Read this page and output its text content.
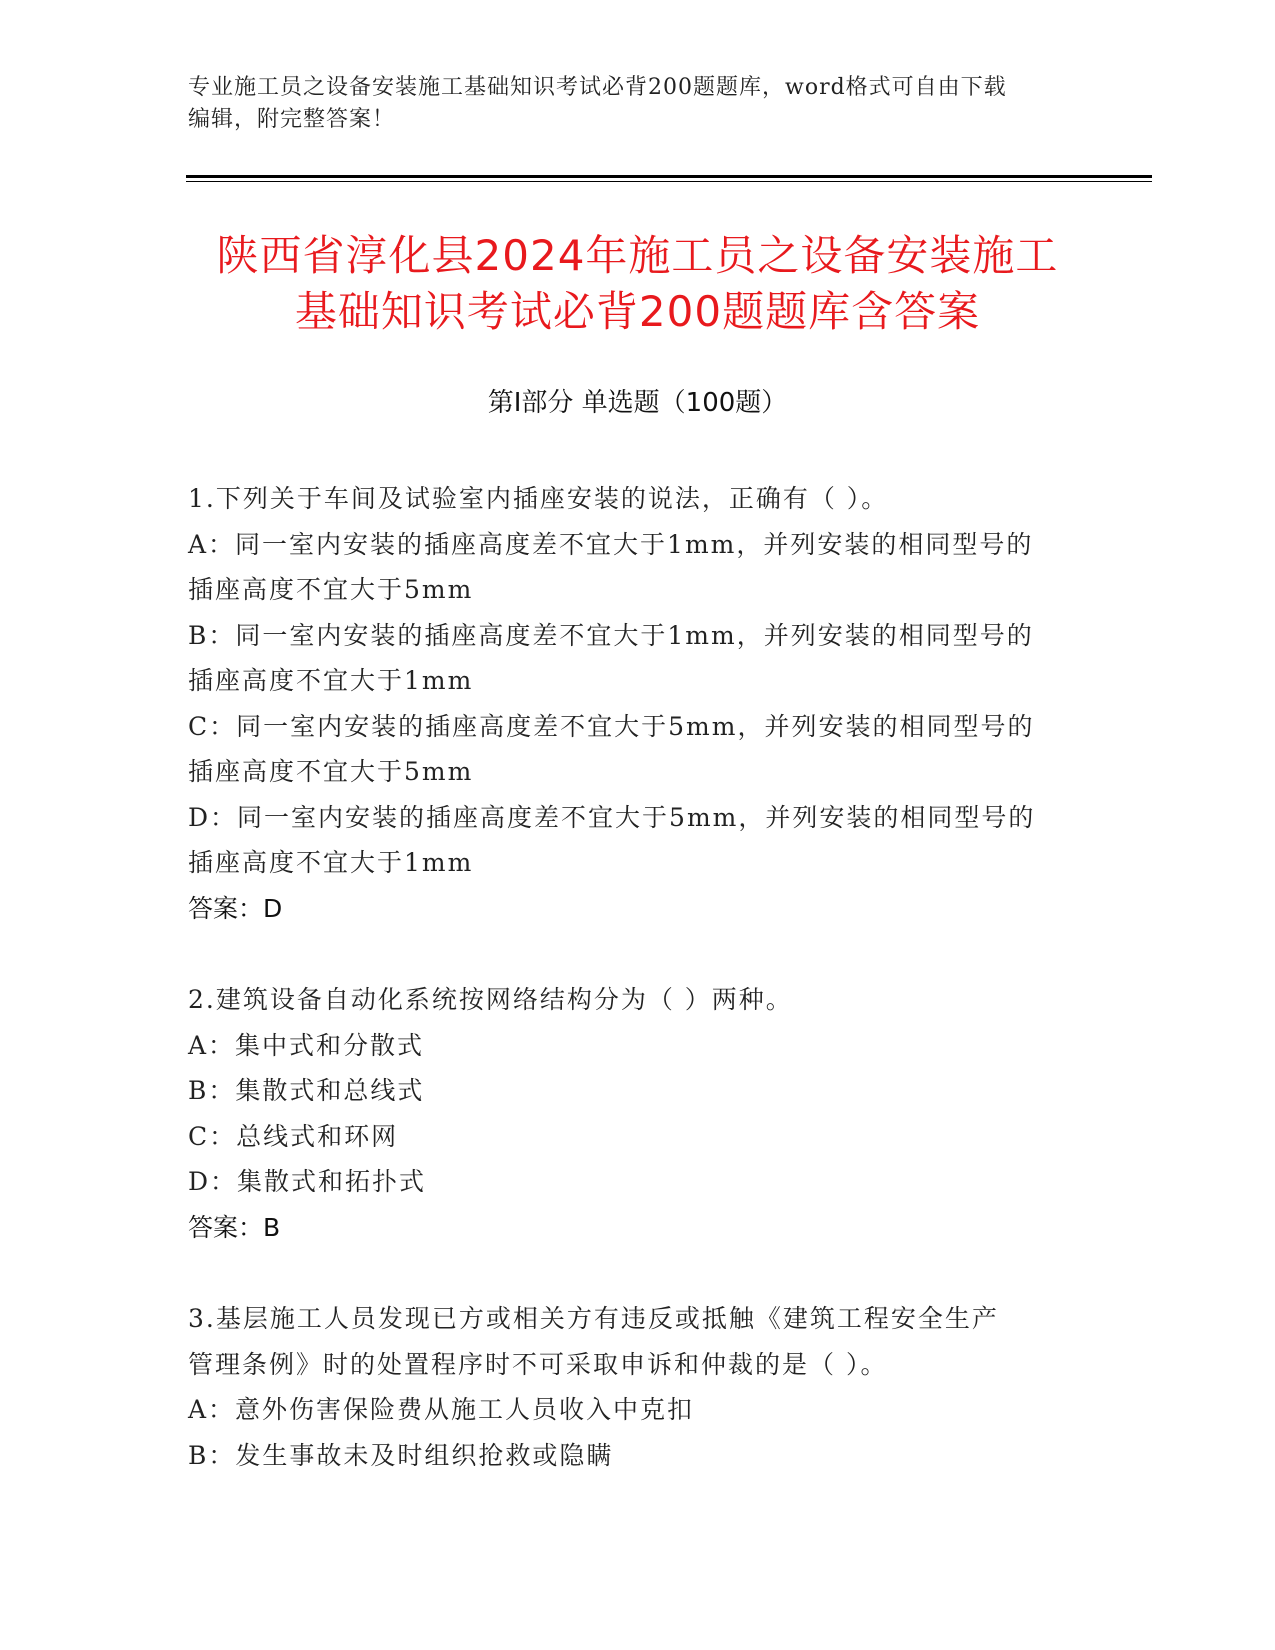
专业施工员之设备安装施工基础知识考试必背200题题库，word格式可自由下载
编辑，附完整答案！
陕西省淳化县2024年施工员之设备安装施工
基础知识考试必背200题题库含答案
第Ⅰ部分 单选题（100题）
1.下列关于车间及试验室内插座安装的说法，正确有（ ）。
A：同一室内安装的插座高度差不宜大于1mm，并列安装的相同型号的
插座高度不宜大于5mm
B：同一室内安装的插座高度差不宜大于1mm，并列安装的相同型号的
插座高度不宜大于1mm
C：同一室内安装的插座高度差不宜大于5mm，并列安装的相同型号的
插座高度不宜大于5mm
D：同一室内安装的插座高度差不宜大于5mm，并列安装的相同型号的
插座高度不宜大于1mm
答案：D
2.建筑设备自动化系统按网络结构分为（ ）两种。
A：集中式和分散式
B：集散式和总线式
C：总线式和环网
D：集散式和拓扑式
答案：B
3.基层施工人员发现已方或相关方有违反或抵触《建筑工程安全生产
管理条例》时的处置程序时不可采取申诉和仲裁的是（ ）。
A：意外伤害保险费从施工人员收入中克扣
B：发生事故未及时组织抢救或隐瞒
